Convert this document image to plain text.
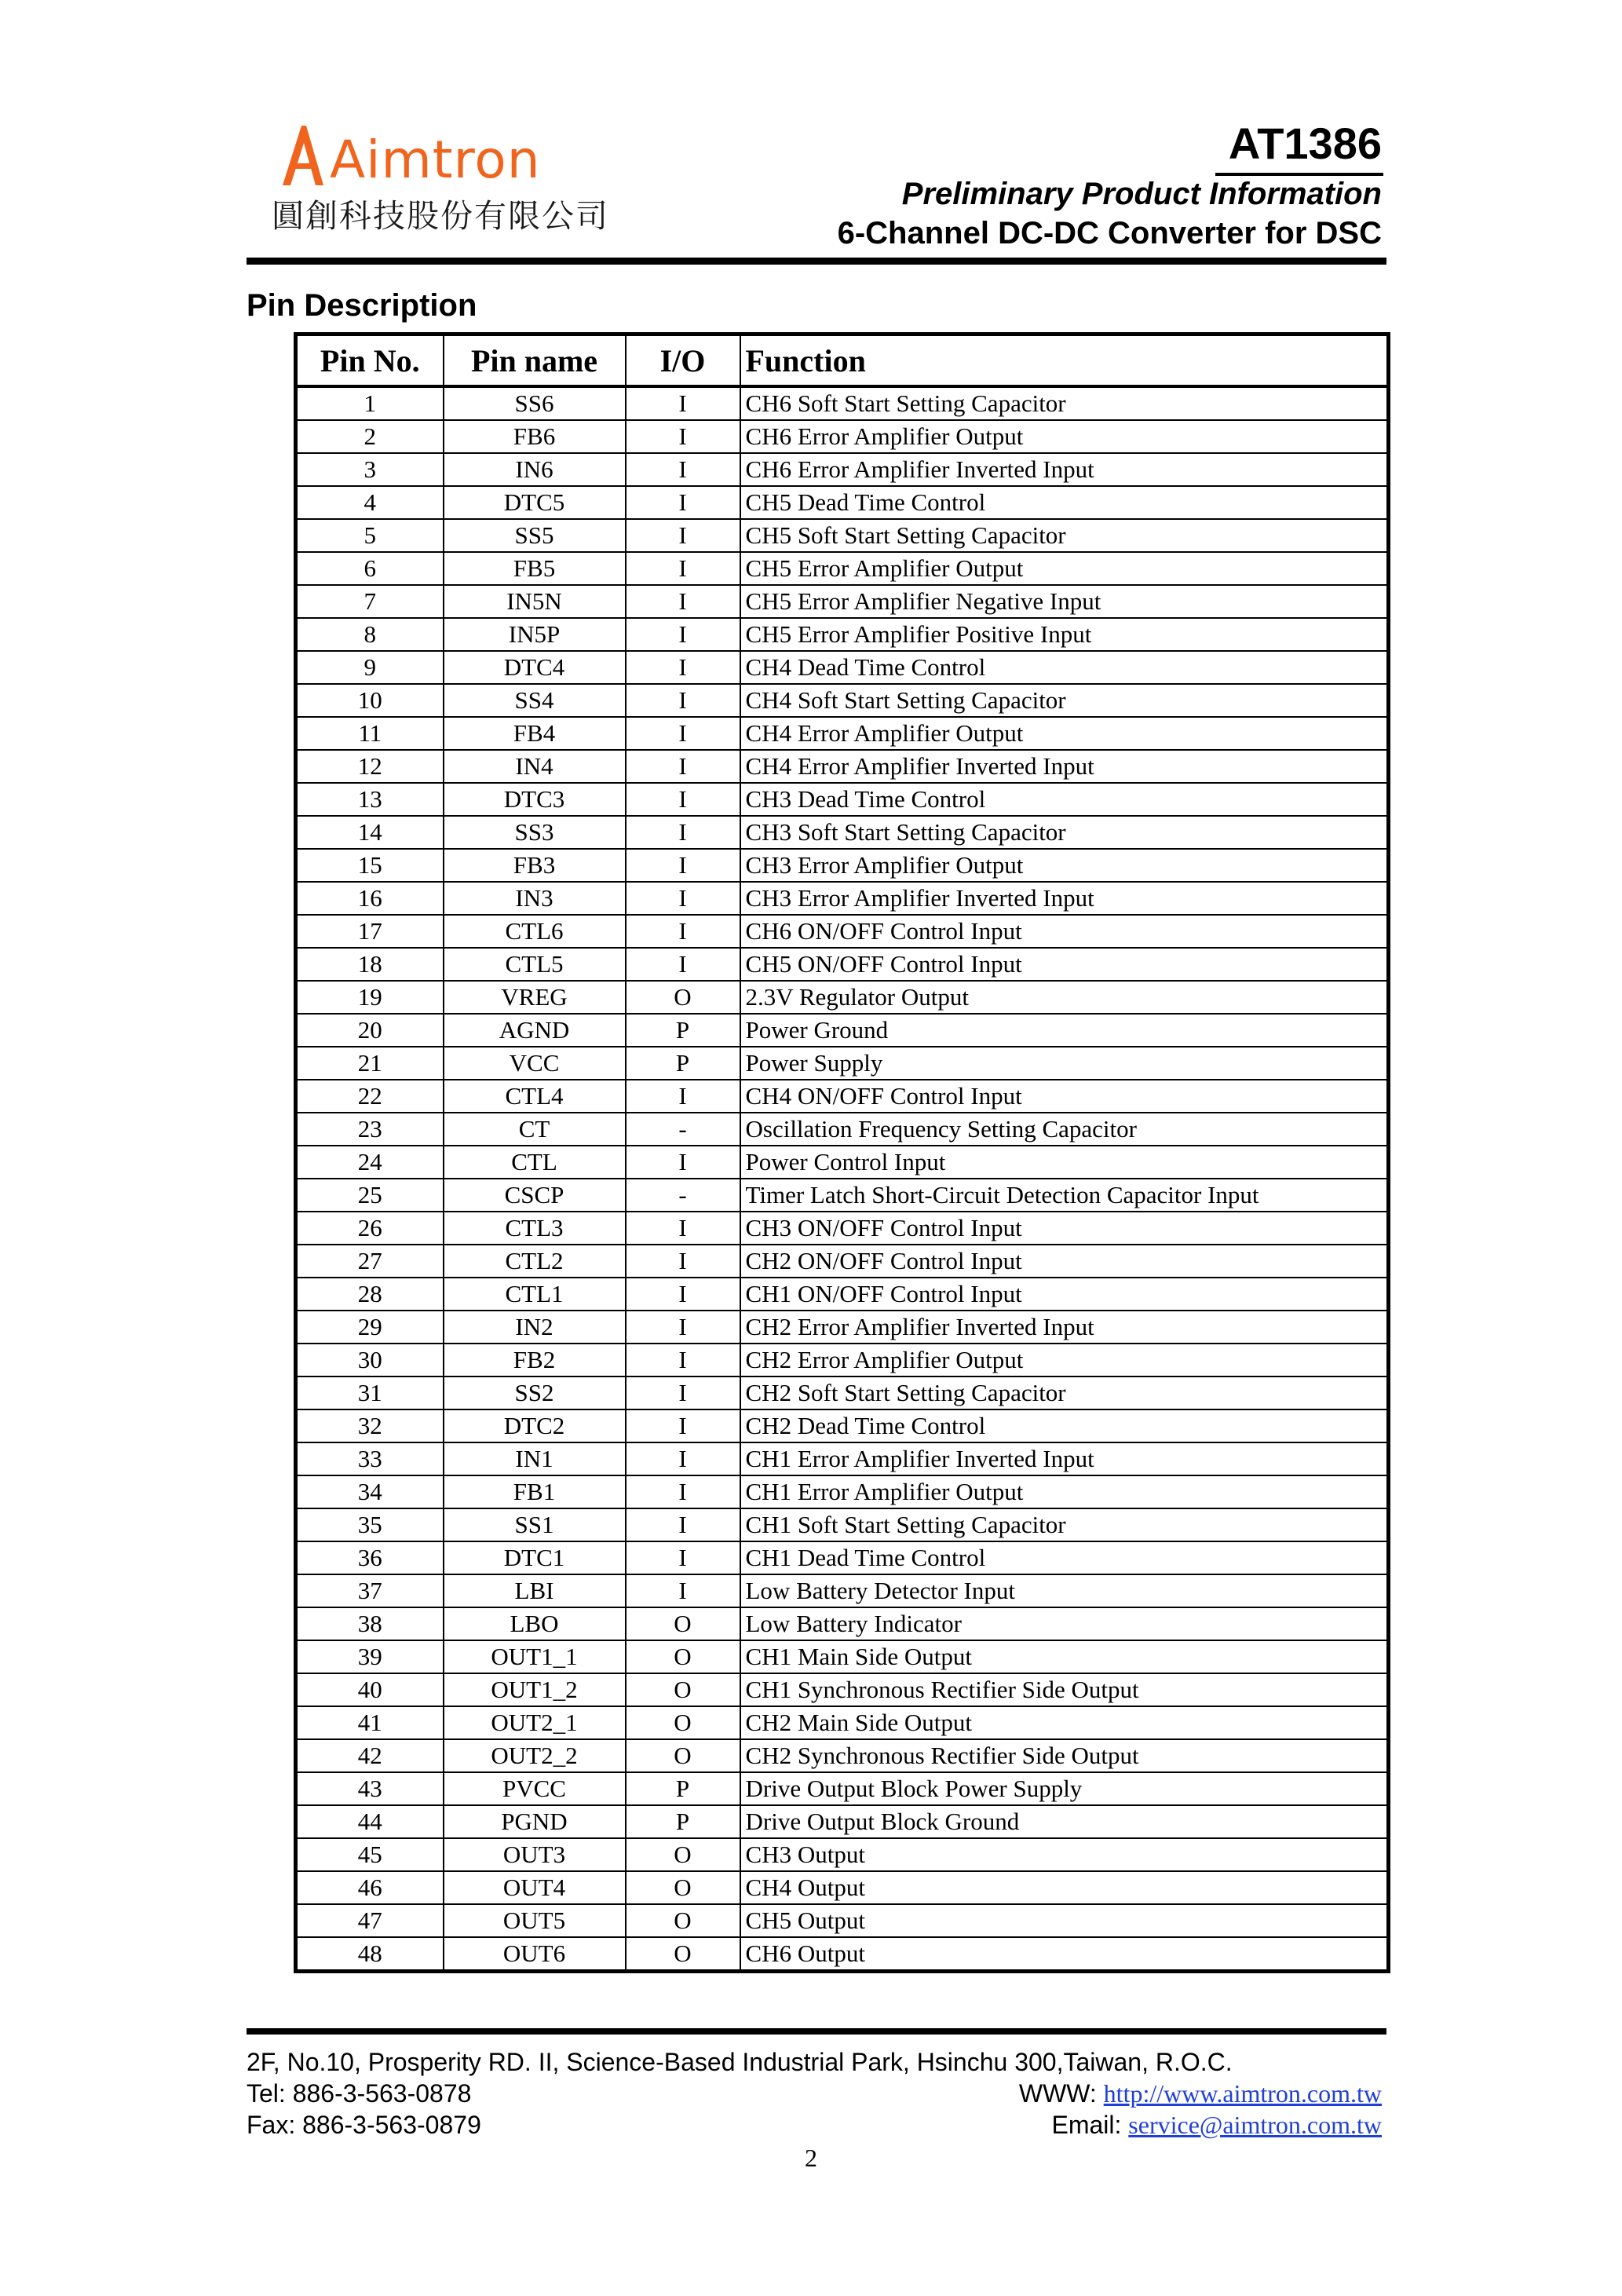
Aimtron
圓創科技股份有限公司
AT1386
Preliminary Product Information
6-Channel DC-DC Converter for DSC
Pin Description
Pin No.	Pin name	I/O	Function
1	SS6	I	CH6 Soft Start Setting Capacitor
2	FB6	I	CH6 Error Amplifier Output
3	IN6	I	CH6 Error Amplifier Inverted Input
4	DTC5	I	CH5 Dead Time Control
5	SS5	I	CH5 Soft Start Setting Capacitor
6	FB5	I	CH5 Error Amplifier Output
7	IN5N	I	CH5 Error Amplifier Negative Input
8	IN5P	I	CH5 Error Amplifier Positive Input
9	DTC4	I	CH4 Dead Time Control
10	SS4	I	CH4 Soft Start Setting Capacitor
11	FB4	I	CH4 Error Amplifier Output
12	IN4	I	CH4 Error Amplifier Inverted Input
13	DTC3	I	CH3 Dead Time Control
14	SS3	I	CH3 Soft Start Setting Capacitor
15	FB3	I	CH3 Error Amplifier Output
16	IN3	I	CH3 Error Amplifier Inverted Input
17	CTL6	I	CH6 ON/OFF Control Input
18	CTL5	I	CH5 ON/OFF Control Input
19	VREG	O	2.3V Regulator Output
20	AGND	P	Power Ground
21	VCC	P	Power Supply
22	CTL4	I	CH4 ON/OFF Control Input
23	CT	-	Oscillation Frequency Setting Capacitor
24	CTL	I	Power Control Input
25	CSCP	-	Timer Latch Short-Circuit Detection Capacitor Input
26	CTL3	I	CH3 ON/OFF Control Input
27	CTL2	I	CH2 ON/OFF Control Input
28	CTL1	I	CH1 ON/OFF Control Input
29	IN2	I	CH2 Error Amplifier Inverted Input
30	FB2	I	CH2 Error Amplifier Output
31	SS2	I	CH2 Soft Start Setting Capacitor
32	DTC2	I	CH2 Dead Time Control
33	IN1	I	CH1 Error Amplifier Inverted Input
34	FB1	I	CH1 Error Amplifier Output
35	SS1	I	CH1 Soft Start Setting Capacitor
36	DTC1	I	CH1 Dead Time Control
37	LBI	I	Low Battery Detector Input
38	LBO	O	Low Battery Indicator
39	OUT1_1	O	CH1 Main Side Output
40	OUT1_2	O	CH1 Synchronous Rectifier Side Output
41	OUT2_1	O	CH2 Main Side Output
42	OUT2_2	O	CH2 Synchronous Rectifier Side Output
43	PVCC	P	Drive Output Block Power Supply
44	PGND	P	Drive Output Block Ground
45	OUT3	O	CH3 Output
46	OUT4	O	CH4 Output
47	OUT5	O	CH5 Output
48	OUT6	O	CH6 Output
2F, No.10, Prosperity RD. II, Science-Based Industrial Park, Hsinchu 300,Taiwan, R.O.C.
Tel: 886-3-563-0878
Fax: 886-3-563-0879
WWW: http://www.aimtron.com.tw
Email: service@aimtron.com.tw
2
